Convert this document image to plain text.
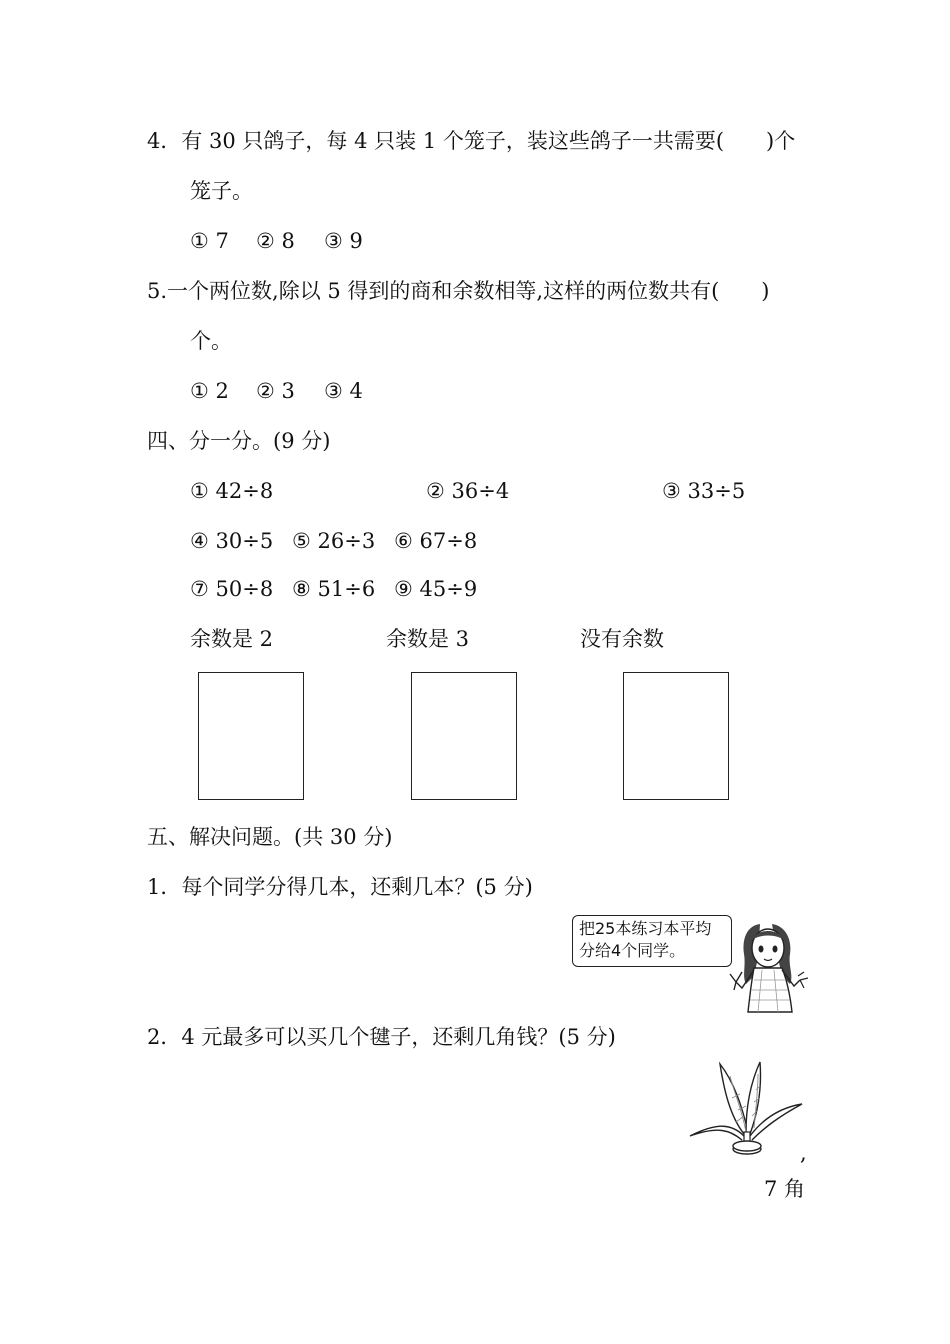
4．有 30 只鸽子，每 4 只装 1 个笼子，装这些鸽子一共需要(　　)个
笼子。
① 7 ② 8 ③ 9
5.一个两位数,除以 5 得到的商和余数相等,这样的两位数共有(　　)
个。
① 2 ② 3 ③ 4
四、分一分。(9 分)
① 42÷8	② 36÷4	③ 33÷5
④ 30÷5 ⑤ 26÷3 ⑥ 67÷8
⑦ 50÷8 ⑧ 51÷6 ⑨ 45÷9
余数是 2	余数是 3	没有余数
五、解决问题。(共 30 分)
1．每个同学分得几本，还剩几本？(5 分)
把25本练习本平均
分给4个同学。
2．4 元最多可以买几个毽子，还剩几角钱？(5 分)
,
7 角
